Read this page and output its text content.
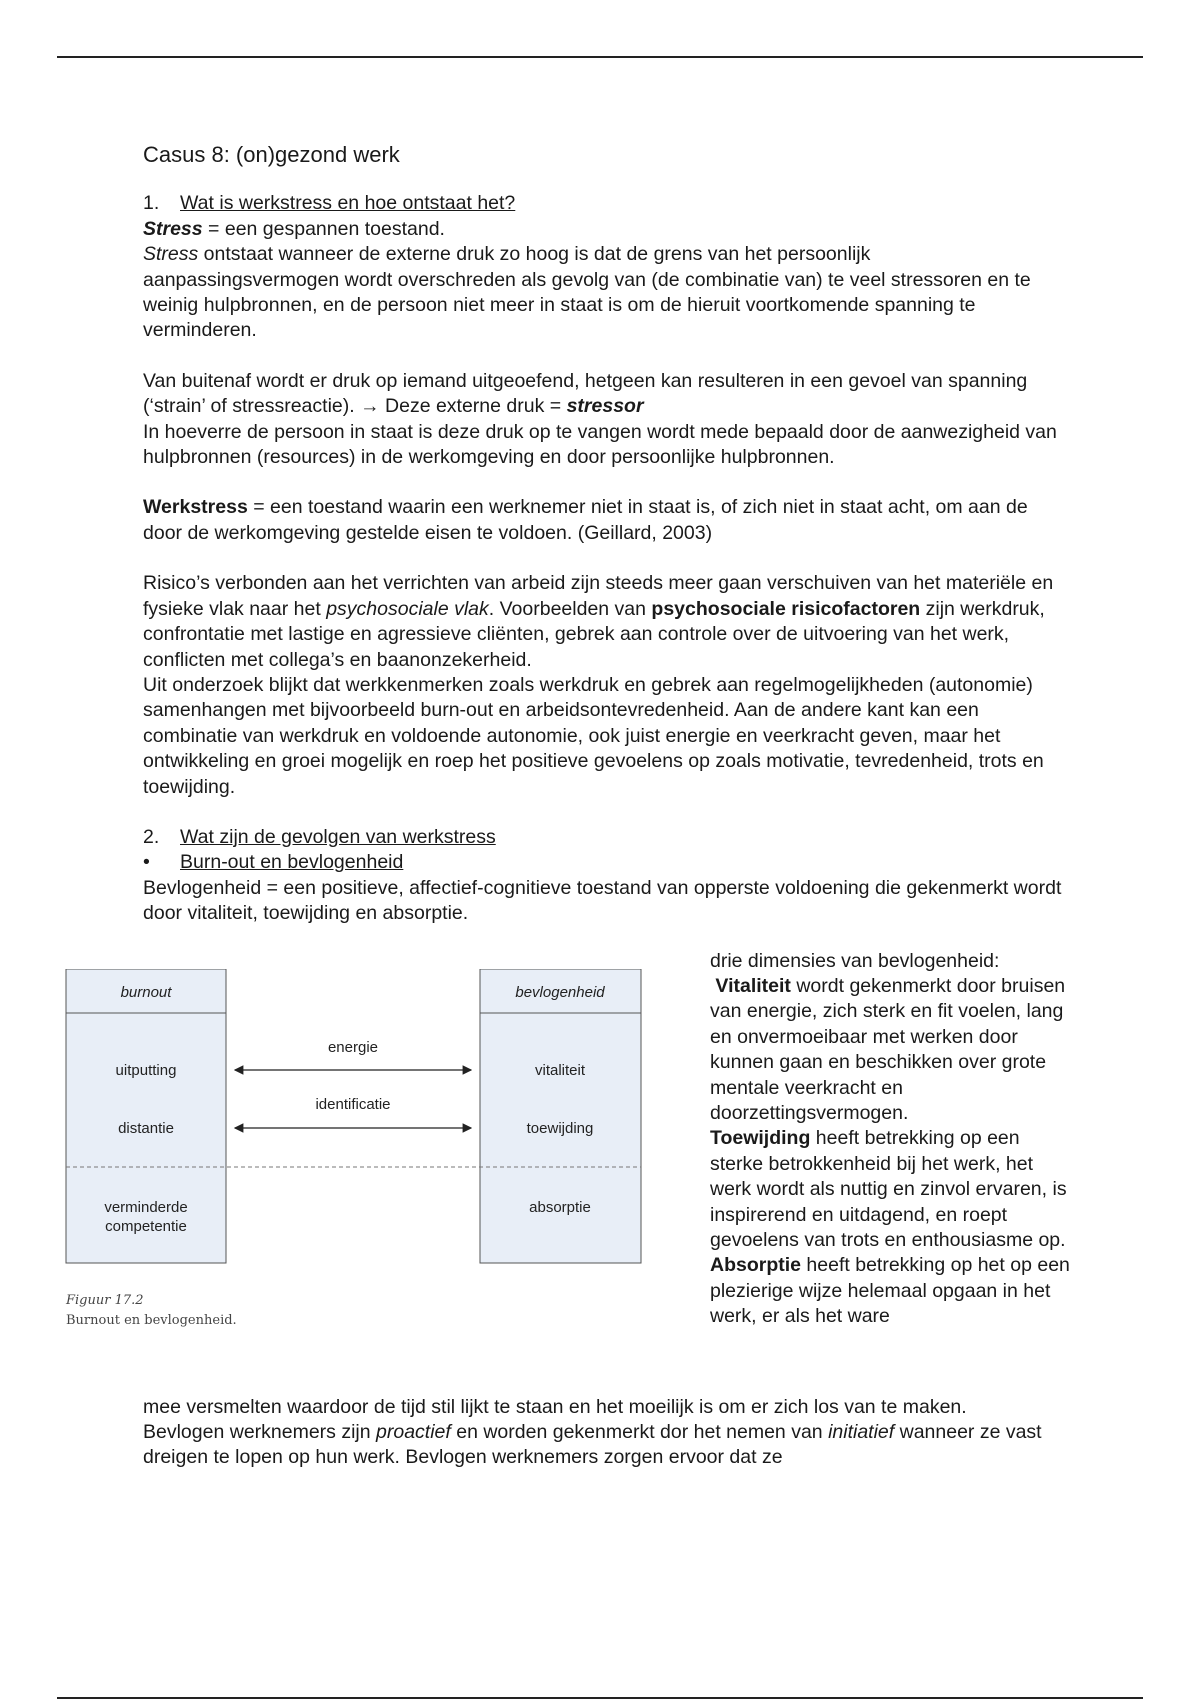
Casus 8: (on)gezond werk

1. Wat is werkstress en hoe ontstaat het?

Stress = een gespannen toestand.

Stress ontstaat wanneer de externe druk zo hoog is dat de grens van het persoonlijk aanpassingsvermogen wordt overschreden als gevolg van (de combinatie van) te veel stressoren en te weinig hulpbronnen, en de persoon niet meer in staat is om de hieruit voortkomende spanning te verminderen.

Van buitenaf wordt er druk op iemand uitgeoefend, hetgeen kan resulteren in een gevoel van spanning (‘strain’ of stressreactie). → Deze externe druk = stressor

In hoeverre de persoon in staat is deze druk op te vangen wordt mede bepaald door de aanwezigheid van hulpbronnen (resources) in de werkomgeving en door persoonlijke hulpbronnen.

Werkstress = een toestand waarin een werknemer niet in staat is, of zich niet in staat acht, om aan de door de werkomgeving gestelde eisen te voldoen. (Geillard, 2003)

Risico’s verbonden aan het verrichten van arbeid zijn steeds meer gaan verschuiven van het materiële en fysieke vlak naar het psychosociale vlak. Voorbeelden van psychosociale risicofactoren zijn werkdruk, confrontatie met lastige en agressieve cliënten, gebrek aan controle over de uitvoering van het werk, conflicten met collega’s en baanonzekerheid.

Uit onderzoek blijkt dat werkkenmerken zoals werkdruk en gebrek aan regelmogelijkheden (autonomie) samenhangen met bijvoorbeeld burn-out en arbeidsontevredenheid. Aan de andere kant kan een combinatie van werkdruk en voldoende autonomie, ook juist energie en veerkracht geven, maar het ontwikkeling en groei mogelijk en roep het positieve gevoelens op zoals motivatie, tevredenheid, trots en toewijding.

2. Wat zijn de gevolgen van werkstress

• Burn-out en bevlogenheid

Bevlogenheid = een positieve, affectief-cognitieve toestand van opperste voldoening die gekenmerkt wordt door vitaliteit, toewijding en absorptie.

burnout	bevlogenheid
uitputting
distantie
verminderde
competentie
vitaliteit
toewijding
absorptie
energie
identificatie
Figuur 17.2
Burnout en bevlogenheid.

drie dimensies van bevlogenheid:

Vitaliteit wordt gekenmerkt door bruisen van energie, zich sterk en fit voelen, lang en onvermoeibaar met werken door kunnen gaan en beschikken over grote mentale veerkracht en doorzettingsvermogen.

Toewijding heeft betrekking op een sterke betrokkenheid bij het werk, het werk wordt als nuttig en zinvol ervaren, is inspirerend en uitdagend, en roept gevoelens van trots en enthousiasme op.

Absorptie heeft betrekking op het op een plezierige wijze helemaal opgaan in het werk, er als het ware

mee versmelten waardoor de tijd stil lijkt te staan en het moeilijk is om er zich los van te maken.

Bevlogen werknemers zijn proactief en worden gekenmerkt dor het nemen van initiatief wanneer ze vast dreigen te lopen op hun werk. Bevlogen werknemers zorgen ervoor dat ze
